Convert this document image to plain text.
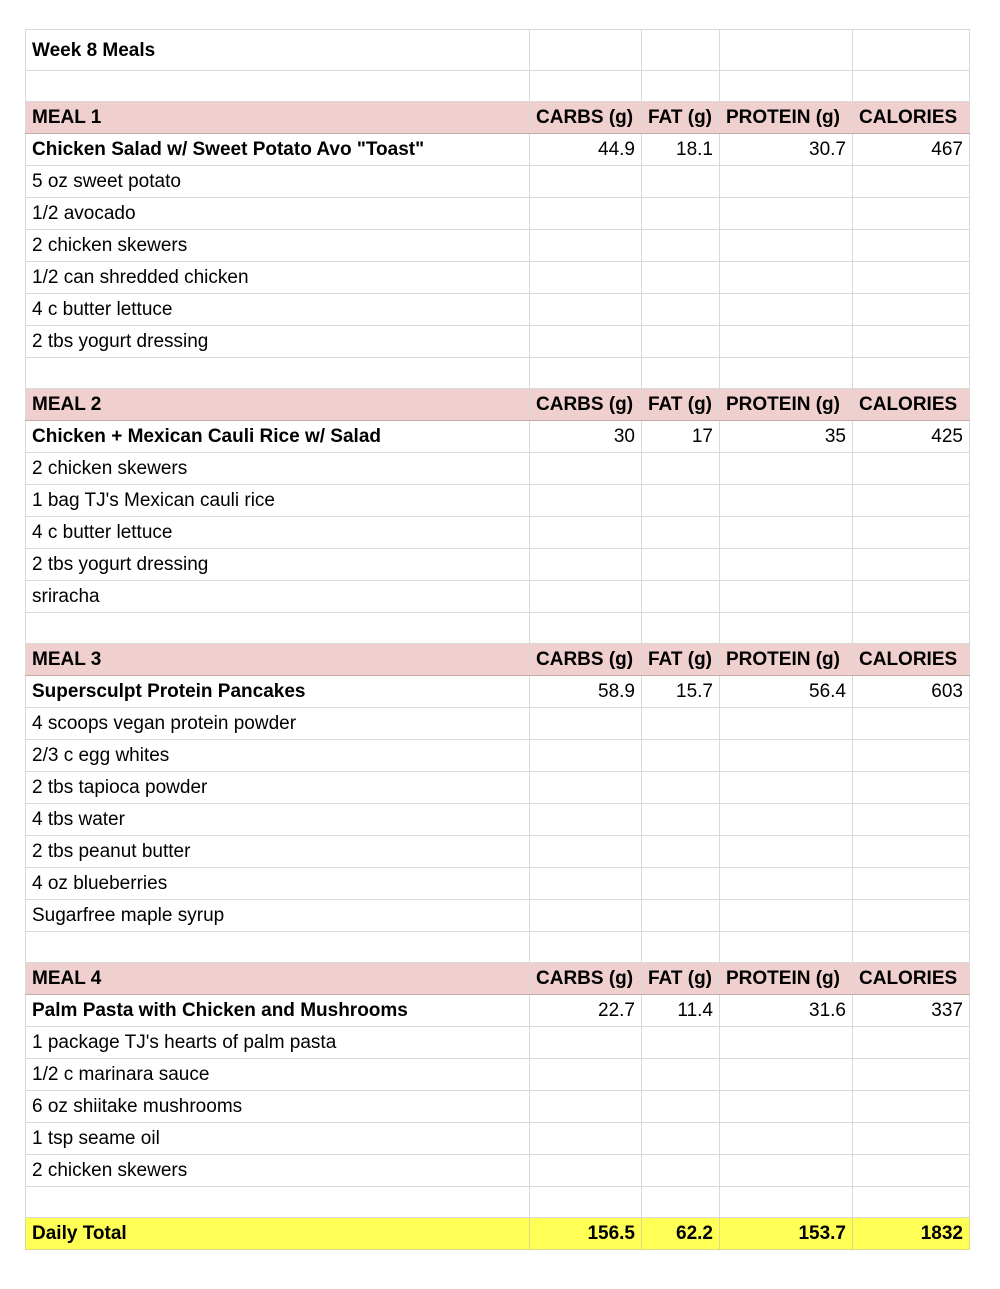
Week 8 Meals				

MEAL 1	CARBS (g)	FAT (g)	PROTEIN (g)	CALORIES
Chicken Salad w/ Sweet Potato Avo "Toast"	44.9	18.1	30.7	467
5 oz sweet potato				
1/2 avocado				
2 chicken skewers				
1/2 can shredded chicken				
4 c butter lettuce				
2 tbs yogurt dressing				

MEAL 2	CARBS (g)	FAT (g)	PROTEIN (g)	CALORIES
Chicken + Mexican Cauli Rice w/ Salad	30	17	35	425
2 chicken skewers				
1 bag TJ's Mexican cauli rice				
4 c butter lettuce				
2 tbs yogurt dressing				
sriracha				

MEAL 3	CARBS (g)	FAT (g)	PROTEIN (g)	CALORIES
Supersculpt Protein Pancakes	58.9	15.7	56.4	603
4 scoops vegan protein powder				
2/3 c egg whites				
2 tbs tapioca powder				
4 tbs water				
2 tbs peanut butter				
4 oz blueberries				
Sugarfree maple syrup				

MEAL 4	CARBS (g)	FAT (g)	PROTEIN (g)	CALORIES
Palm Pasta with Chicken and Mushrooms	22.7	11.4	31.6	337
1 package TJ's hearts of palm pasta				
1/2 c marinara sauce				
6 oz shiitake mushrooms				
1 tsp seame oil				
2 chicken skewers				

Daily Total	156.5	62.2	153.7	1832
